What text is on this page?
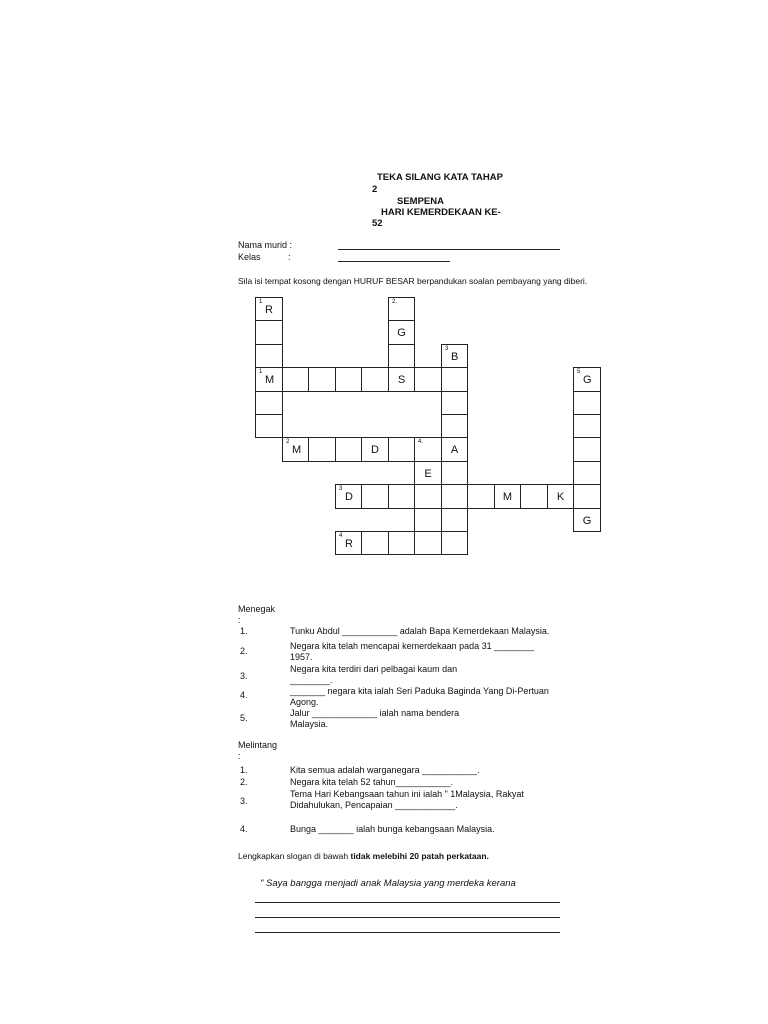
TEKA SILANG KATA TAHAP
2
SEMPENA
HARI KEMERDEKAAN KE-
52
Nama murid :
Kelas	:
Sila isi tempat kosong dengan HURUF BESAR berpandukan soalan pembayang yang diberi.
1
R
1
M
2.
G
S
3
B
A
5
G
G
2
M	D
4.
E
3
D	M	K
4
R
Menegak
:
1.	Tunku Abdul ___________ adalah Bapa Kemerdekaan Malaysia.
2.	Negara kita telah mencapai kemerdekaan pada 31 ________ 1957.
3.
Negara kita terdiri dari pelbagai kaum dan ________.
4.	_______ negara kita ialah Seri Paduka Baginda Yang Di-Pertuan Agong.
5.	Jalur _____________ ialah nama bendera Malaysia.
Melintang
:
1.	Kita semua adalah warganegara ___________.
2.	Negara kita telah 52 tahun___________.
3.
Tema Hari Kebangsaan tahun ini ialah " 1Malaysia, Rakyat Didahulukan, Pencapaian ____________.
4.	Bunga _______ ialah bunga kebangsaan Malaysia.
Lengkapkan slogan di bawah tidak melebihi 20 patah perkataan.
" Saya bangga menjadi anak Malaysia yang merdeka kerana
